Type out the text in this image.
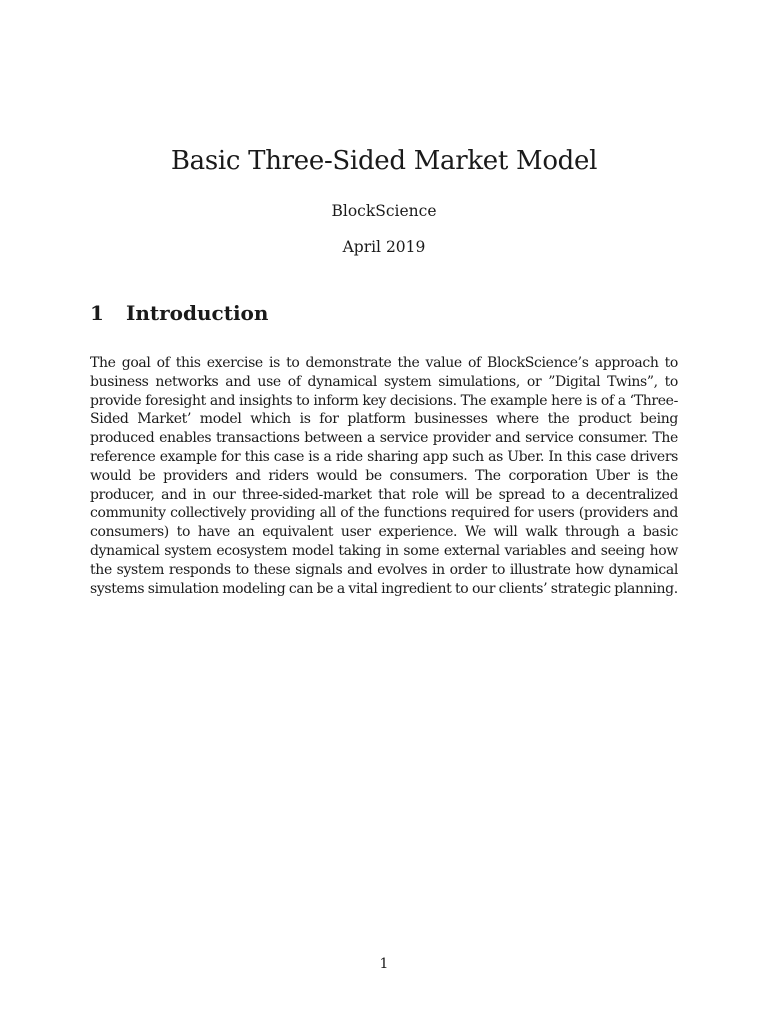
Basic Three-Sided Market Model
BlockScience
April 2019
1 Introduction

The goal of this exercise is to demonstrate the value of BlockScience’s approach to business networks and use of dynamical system simulations, or ”Digital Twins”, to provide foresight and insights to inform key decisions. The example here is of a ‘Three-Sided Market’ model which is for platform businesses where the product being produced enables transactions between a service provider and service consumer. The reference example for this case is a ride sharing app such as Uber. In this case drivers would be providers and riders would be consumers. The corporation Uber is the producer, and in our three-sided-market that role will be spread to a decentralized community collectively providing all of the functions required for users (providers and consumers) to have an equivalent user experience. We will walk through a basic dynamical system ecosystem model taking in some external variables and seeing how the system responds to these signals and evolves in order to illustrate how dynamical systems simulation modeling can be a vital ingredient to our clients’ strategic planning.

1
